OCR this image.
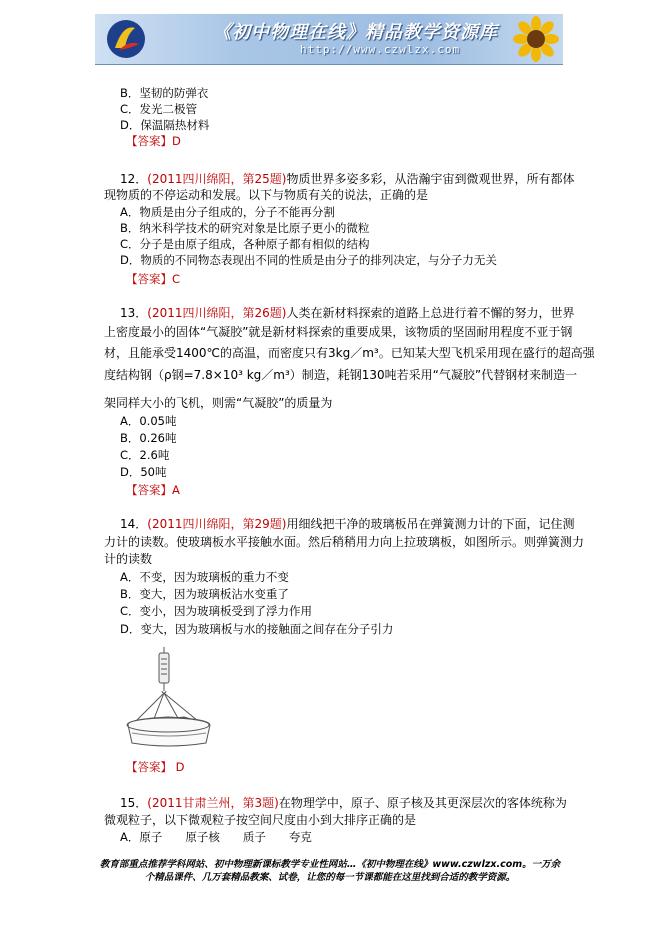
《初中物理在线》精品教学资源库
http://www.czwlzx.com
B．坚韧的防弹衣
C．发光二极管
D．保温隔热材料
【答案】D
12．(2011四川绵阳，第25题)物质世界多姿多彩，从浩瀚宇宙到微观世界，所有都体
现物质的不停运动和发展。以下与物质有关的说法，正确的是
A．物质是由分子组成的，分子不能再分割
B．纳米科学技术的研究对象是比原子更小的微粒
C．分子是由原子组成，各种原子都有相似的结构
D．物质的不同物态表现出不同的性质是由分子的排列决定，与分子力无关
【答案】C
13．(2011四川绵阳，第26题)人类在新材料探索的道路上总进行着不懈的努力，世界
上密度最小的固体“气凝胶”就是新材料探索的重要成果，该物质的坚固耐用程度不亚于钢
材，且能承受1400℃的高温，而密度只有3kg／m³。已知某大型飞机采用现在盛行的超高强
度结构钢（ρ钢=7.8×10³ kg／m³）制造，耗钢130吨若采用“气凝胶”代替钢材来制造一
架同样大小的飞机，则需“气凝胶”的质量为
A．0.05吨
B．0.26吨
C．2.6吨
D．50吨
【答案】A
14．(2011四川绵阳，第29题)用细线把干净的玻璃板吊在弹簧测力计的下面，记住测
力计的读数。使玻璃板水平接触水面。然后稍稍用力向上拉玻璃板，如图所示。则弹簧测力
计的读数
A．不变，因为玻璃板的重力不变
B．变大，因为玻璃板沾水变重了
C．变小，因为玻璃板受到了浮力作用
D．变大，因为玻璃板与水的接触面之间存在分子引力
【答案】 D
15．(2011甘肃兰州，第3题)在物理学中，原子、原子核及其更深层次的客体统称为
微观粒子，以下微观粒子按空间尺度由小到大排序正确的是
A．原子　　原子核　　质子　　夸克
教育部重点推荐学科网站、初中物理新课标教学专业性网站…《初中物理在线》www.czwlzx.com。一万余
个精品课件、几万套精品教案、试卷，让您的每一节课都能在这里找到合适的教学资源。
